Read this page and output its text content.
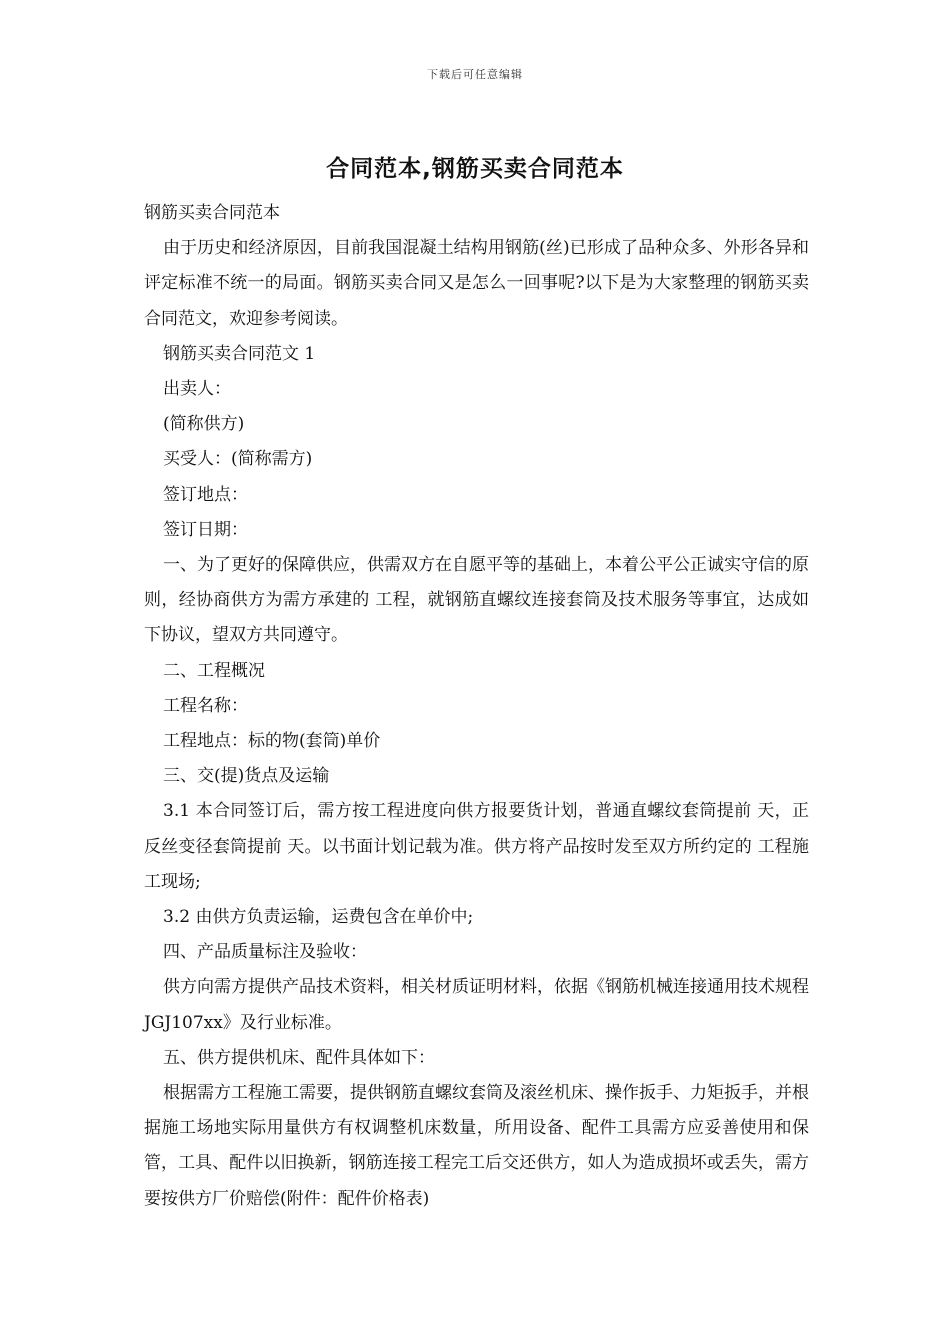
下载后可任意编辑
合同范本,钢筋买卖合同范本

钢筋买卖合同范本

由于历史和经济原因，目前我国混凝土结构用钢筋(丝)已形成了品种众多、外形各异和评定标准不统一的局面。钢筋买卖合同又是怎么一回事呢?以下是为大家整理的钢筋买卖合同范文，欢迎参考阅读。

钢筋买卖合同范文 1

出卖人：

(简称供方)

买受人：(简称需方)

签订地点：

签订日期：

一、为了更好的保障供应，供需双方在自愿平等的基础上，本着公平公正诚实守信的原则，经协商供方为需方承建的 工程，就钢筋直螺纹连接套筒及技术服务等事宜，达成如下协议，望双方共同遵守。

二、工程概况

工程名称：

工程地点：标的物(套筒)单价

三、交(提)货点及运输

3.1 本合同签订后，需方按工程进度向供方报要货计划，普通直螺纹套筒提前 天，正反丝变径套筒提前 天。以书面计划记载为准。供方将产品按时发至双方所约定的 工程施工现场;

3.2 由供方负责运输，运费包含在单价中;

四、产品质量标注及验收：

供方向需方提供产品技术资料，相关材质证明材料，依据《钢筋机械连接通用技术规程 JGJ107xx》及行业标准。

五、供方提供机床、配件具体如下：

根据需方工程施工需要，提供钢筋直螺纹套筒及滚丝机床、操作扳手、力矩扳手，并根据施工场地实际用量供方有权调整机床数量，所用设备、配件工具需方应妥善使用和保管，工具、配件以旧换新，钢筋连接工程完工后交还供方，如人为造成损坏或丢失，需方要按供方厂价赔偿(附件：配件价格表)
